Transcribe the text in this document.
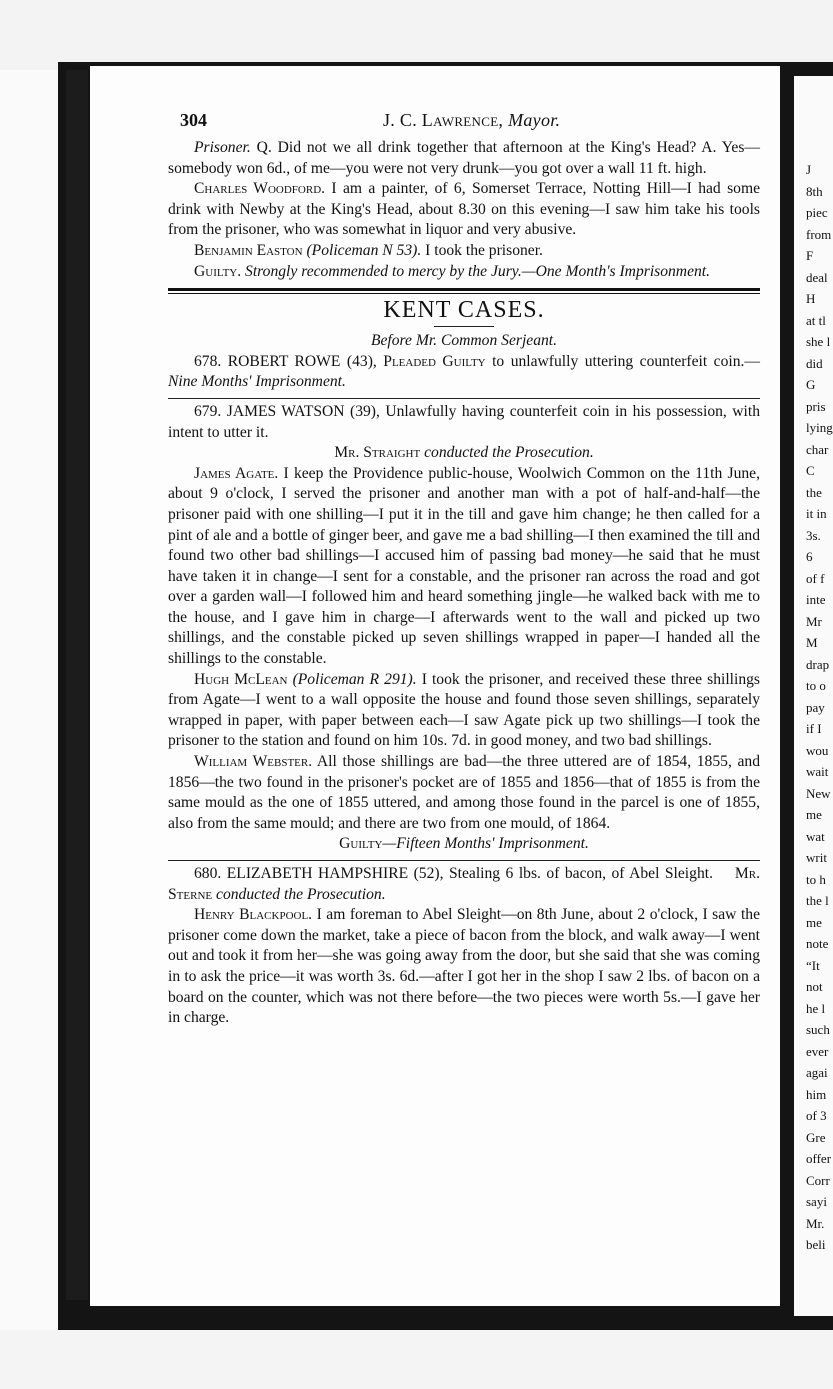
J
8th
piec
from
F
deal
H
at tl
she l
did
G
pris
lying
char
C
the
it in
3s.
6
of f
inte
Mr
M
drap
to o
pay
if I
wou
wait
New
me
wat
writ
to h
the l
me
note
“It
not
he l
such
ever
agai
him
of 3
Gre
offer
Corr
sayi
Mr.
beli
304	J. C. Lawrence, Mayor.

Prisoner. Q. Did not we all drink together that afternoon at the King's Head? A. Yes—somebody won 6d., of me—you were not very drunk—you got over a wall 11 ft. high.

Charles Woodford. I am a painter, of 6, Somerset Terrace, Notting Hill—I had some drink with Newby at the King's Head, about 8.30 on this evening—I saw him take his tools from the prisoner, who was somewhat in liquor and very abusive.

Benjamin Easton (Policeman N 53). I took the prisoner.

Guilty. Strongly recommended to mercy by the Jury.—One Month's Imprisonment.

KENT CASES.

Before Mr. Common Serjeant.

678. ROBERT ROWE (43), Pleaded Guilty to unlawfully uttering counterfeit coin.—Nine Months' Imprisonment.

679. JAMES WATSON (39), Unlawfully having counterfeit coin in his possession, with intent to utter it.

Mr. Straight conducted the Prosecution.

James Agate. I keep the Providence public-house, Woolwich Common on the 11th June, about 9 o'clock, I served the prisoner and another man with a pot of half-and-half—the prisoner paid with one shilling—I put it in the till and gave him change; he then called for a pint of ale and a bottle of ginger beer, and gave me a bad shilling—I then examined the till and found two other bad shillings—I accused him of passing bad money—he said that he must have taken it in change—I sent for a constable, and the prisoner ran across the road and got over a garden wall—I followed him and heard something jingle—he walked back with me to the house, and I gave him in charge—I afterwards went to the wall and picked up two shillings, and the constable picked up seven shillings wrapped in paper—I handed all the shillings to the constable.

Hugh McLean (Policeman R 291). I took the prisoner, and received these three shillings from Agate—I went to a wall opposite the house and found those seven shillings, separately wrapped in paper, with paper between each—I saw Agate pick up two shillings—I took the prisoner to the station and found on him 10s. 7d. in good money, and two bad shillings.

William Webster. All those shillings are bad—the three uttered are of 1854, 1855, and 1856—the two found in the prisoner's pocket are of 1855 and 1856—that of 1855 is from the same mould as the one of 1855 uttered, and among those found in the parcel is one of 1855, also from the same mould; and there are two from one mould, of 1864.

Guilty—Fifteen Months' Imprisonment.

680. ELIZABETH HAMPSHIRE (52), Stealing 6 lbs. of bacon, of Abel Sleight. Mr. Sterne conducted the Prosecution.

Henry Blackpool. I am foreman to Abel Sleight—on 8th June, about 2 o'clock, I saw the prisoner come down the market, take a piece of bacon from the block, and walk away—I went out and took it from her—she was going away from the door, but she said that she was coming in to ask the price—it was worth 3s. 6d.—after I got her in the shop I saw 2 lbs. of bacon on a board on the counter, which was not there before—the two pieces were worth 5s.—I gave her in charge.
